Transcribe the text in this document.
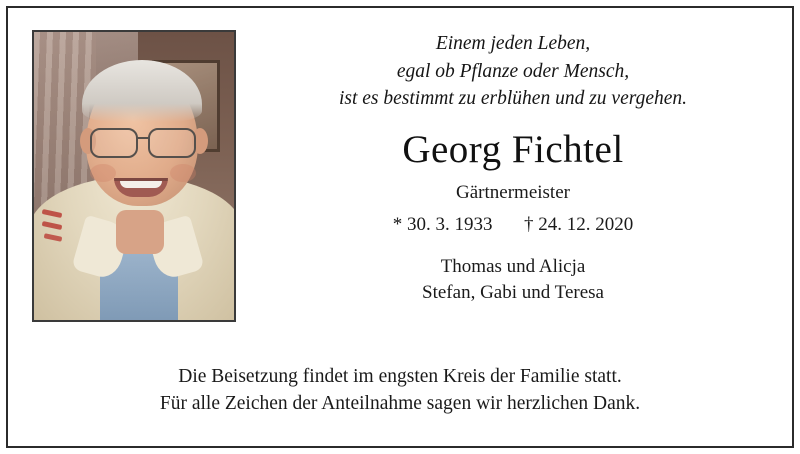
Einem jeden Leben,
egal ob Pflanze oder Mensch,
ist es bestimmt zu erblühen und zu vergehen.
Georg Fichtel
Gärtnermeister
* 30. 3. 1933 † 24. 12. 2020
Thomas und Alicja
Stefan, Gabi und Teresa
Die Beisetzung findet im engsten Kreis der Familie statt.
Für alle Zeichen der Anteilnahme sagen wir herzlichen Dank.
